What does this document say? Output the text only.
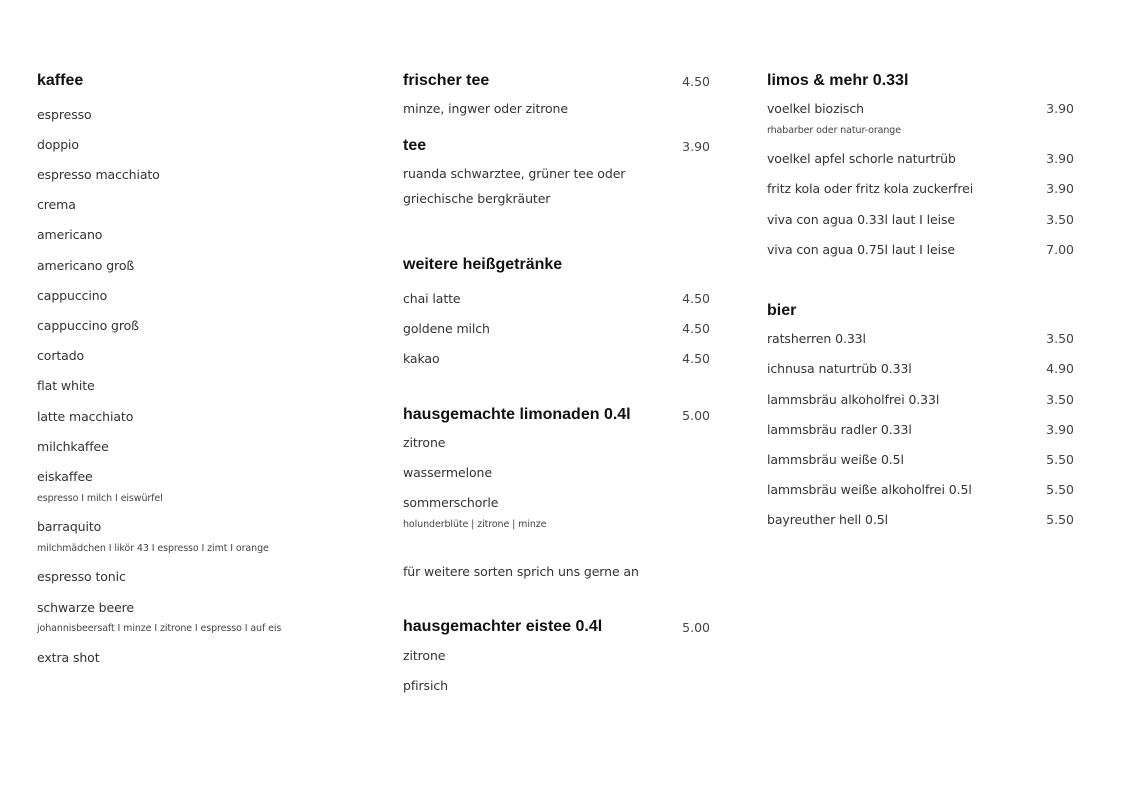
kaffee
espresso
doppio
espresso macchiato
crema
americano
americano groß
cappuccino
cappuccino groß
cortado
flat white
latte macchiato
milchkaffee
eiskaffee
espresso I milch I eiswürfel
barraquito
milchmädchen I likör 43 I espresso I zimt I orange
espresso tonic
schwarze beere
johannisbeersaft I minze I zitrone I espresso I auf eis
extra shot
frischer tee	4.50
minze, ingwer oder zitrone
tee	3.90
ruanda schwarztee, grüner tee oder
griechische bergkräuter
weitere heißgetränke
chai latte	4.50
goldene milch	4.50
kakao	4.50
hausgemachte limonaden 0.4l	5.00
zitrone
wassermelone
sommerschorle
holunderblüte | zitrone | minze
für weitere sorten sprich uns gerne an
hausgemachter eistee 0.4l	5.00
zitrone
pfirsich
limos & mehr 0.33l
voelkel biozisch	3.90
rhabarber oder natur-orange
voelkel apfel schorle naturtrüb	3.90
fritz kola oder fritz kola zuckerfrei	3.90
viva con agua 0.33l laut I leise	3.50
viva con agua 0.75l laut I leise	7.00
bier
ratsherren 0.33l	3.50
ichnusa naturtrüb 0.33l	4.90
lammsbräu alkoholfrei 0.33l	3.50
lammsbräu radler 0.33l	3.90
lammsbräu weiße 0.5l	5.50
lammsbräu weiße alkoholfrei 0.5l	5.50
bayreuther hell 0.5l	5.50
